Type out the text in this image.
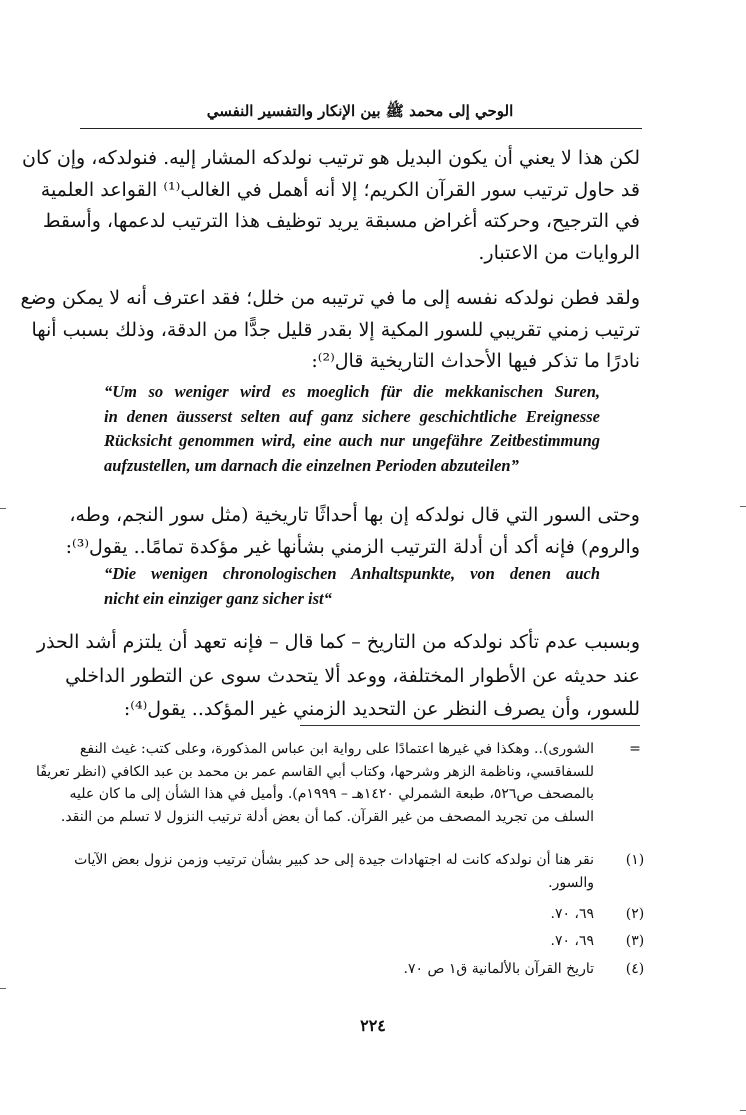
الوحي إلى محمد ﷺ بين الإنكار والتفسير النفسي
لكن هذا لا يعني أن يكون البديل هو ترتيب نولدكه المشار إليه. فنولدكه، وإن كان
قد حاول ترتيب سور القرآن الكريم؛ إلا أنه أهمل في الغالب⁽¹⁾ القواعد العلمية
في الترجيح، وحركته أغراض مسبقة يريد توظيف هذا الترتيب لدعمها، وأسقط
الروايات من الاعتبار.
ولقد فطن نولدكه نفسه إلى ما في ترتيبه من خلل؛ فقد اعترف أنه لا يمكن وضع
ترتيب زمني تقريبي للسور المكية إلا بقدر قليل جدًّا من الدقة، وذلك بسبب أنها
نادرًا ما تذكر فيها الأحداث التاريخية قال⁽²⁾:
“Um so weniger wird es moeglich für die mekkanischen Suren,
in denen äusserst selten auf ganz sichere geschichtliche Ereignesse
Rücksicht genommen wird, eine auch nur ungefähre Zeitbestimmung
aufzustellen, um darnach die einzelnen Perioden abzuteilen”
وحتى السور التي قال نولدكه إن بها أحداثًا تاريخية (مثل سور النجم، وطه،
والروم) فإنه أكد أن أدلة الترتيب الزمني بشأنها غير مؤكدة تمامًا.. يقول⁽³⁾:
“Die wenigen chronologischen Anhaltspunkte, von denen auch
nicht ein einziger ganz sicher ist“
وبسبب عدم تأكد نولدكه من التاريخ – كما قال – فإنه تعهد أن يلتزم أشد الحذر
عند حديثه عن الأطوار المختلفة، ووعد ألا يتحدث سوى عن التطور الداخلي
للسور، وأن يصرف النظر عن التحديد الزمني غير المؤكد.. يقول⁽⁴⁾:
=
الشورى).. وهكذا في غيرها اعتمادًا على رواية ابن عباس المذكورة، وعلى كتب: غيث النفع
للسفاقسي، وناظمة الزهر وشرحها، وكتاب أبي القاسم عمر بن محمد بن عبد الكافي (انظر تعريفًا
بالمصحف ص٥٢٦، طبعة الشمرلي ١٤٢٠هـ – ١٩٩٩م). وأميل في هذا الشأن إلى ما كان عليه
السلف من تجريد المصحف من غير القرآن. كما أن بعض أدلة ترتيب النزول لا تسلم من النقد.
(١)
نقر هنا أن نولدكه كانت له اجتهادات جيدة إلى حد كبير بشأن ترتيب وزمن نزول بعض الآيات
والسور.
(٢)
٦٩، ٧٠.
(٣)
٦٩، ٧٠.
(٤)
تاريخ القرآن بالألمانية ق١ ص ٧٠.
٢٢٤
